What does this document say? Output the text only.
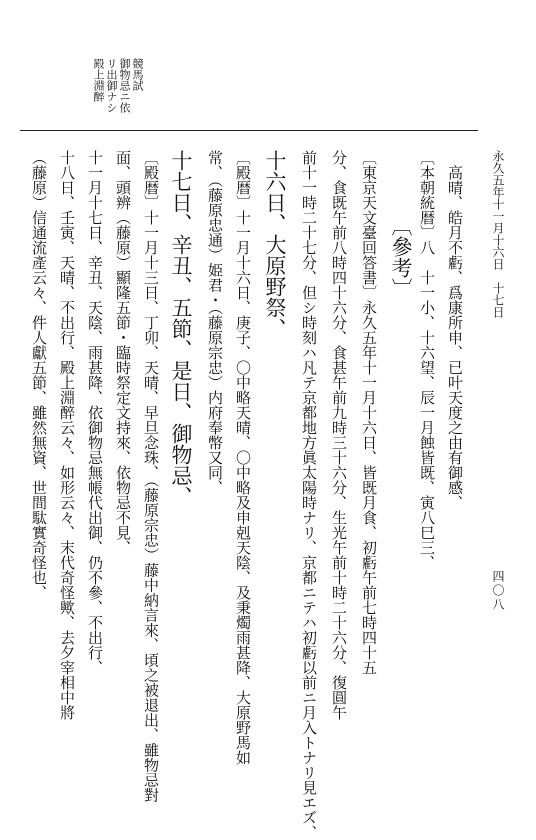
競馬試
御物忌ニ依
リ出御ナシ
殿上淵醉
永久五年十一月十六日　十七日
四〇八
高晴、皓月不虧、爲康所申、已叶天度之由有御感、
〔本朝統暦〕八　十一小、十六望、辰一月蝕皆既、寅八巳三、
〔參考〕
〔東京天文臺回答書〕永久五年十一月十六日、皆既月食、初虧午前七時四十五
分、食既午前八時四十六分、食甚午前九時三十六分、生光午前十時二十六分、復圓午
前十一時二十七分、但シ時刻ハ凡テ京都地方眞太陽時ナリ、京都ニテハ初虧以前ニ月入トナリ見エズ、
十六日、大原野祭、
〔殿暦〕十一月十六日、庚子、〇中略天晴、〇中略及申剋天陰、及秉燭雨甚降、大原野馬如
常、（藤原忠通）姫君・（藤原宗忠）内府奉幣又同、
十七日、辛丑、五節、是日、御物忌、
〔殿暦〕十一月十三日、丁卯、天晴、早旦念珠、（藤原宗忠）藤中納言來、頃之被退出、雖物忌對
面、頭辨（藤原）顯隆五節・臨時祭定文持來、依物忌不見、
十一月十七日、辛丑、天陰、雨甚降、依御物忌無帳代出御、仍不參、不出行、
十八日、壬寅、天晴、不出行、殿上淵醉云々、如形云々、末代奇怪歟、去夕宰相中將
（藤原）信通流產云々、件人獻五節、雖然無資、世間駄實奇怪也、
